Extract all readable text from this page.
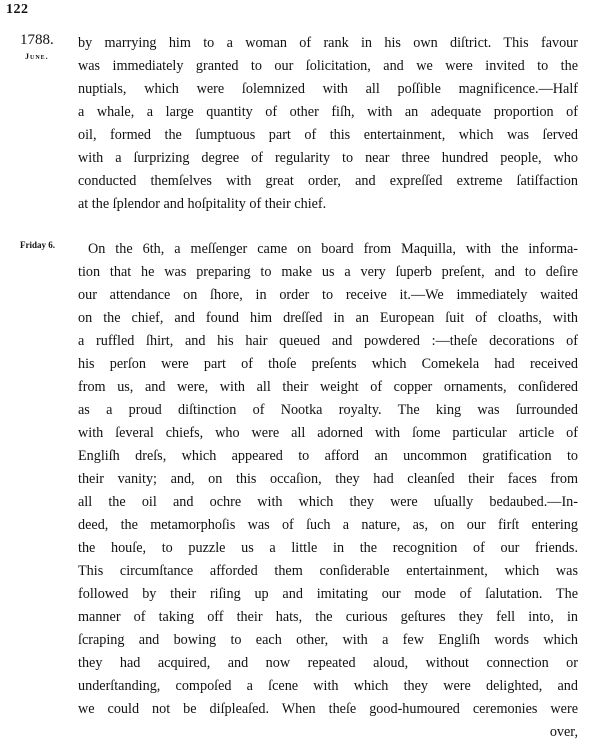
122
1788.
June.
Friday 6.
by marrying him to a woman of rank in his own diſtrict. This favour
was immediately granted to our ſolicitation, and we were invited to the
nuptials, which were ſolemnized with all poſſible magnificence.—Half
a whale, a large quantity of other fiſh, with an adequate proportion of
oil, formed the ſumptuous part of this entertainment, which was ſerved
with a ſurprizing degree of regularity to near three hundred people, who
conducted themſelves with great order, and expreſſed extreme ſatiſfaction
at the ſplendor and hoſpitality of their chief.
On the 6th, a meſſenger came on board from Maquilla, with the informa-
tion that he was preparing to make us a very ſuperb preſent, and to deſire
our attendance on ſhore, in order to receive it.—We immediately waited
on the chief, and found him dreſſed in an European ſuit of cloaths, with
a ruffled ſhirt, and his hair queued and powdered :—theſe decorations of
his perſon were part of thoſe preſents which Comekela had received
from us, and were, with all their weight of copper ornaments, conſidered
as a proud diſtinction of Nootka royalty. The king was ſurrounded
with ſeveral chiefs, who were all adorned with ſome particular article of
Engliſh dreſs, which appeared to afford an uncommon gratification to
their vanity; and, on this occaſion, they had cleanſed their faces from
all the oil and ochre with which they were uſually bedaubed.—In-
deed, the metamorphoſis was of ſuch a nature, as, on our firſt entering
the houſe, to puzzle us a little in the recognition of our friends.
This circumſtance afforded them conſiderable entertainment, which was
followed by their riſing up and imitating our mode of ſalutation. The
manner of taking off their hats, the curious geſtures they fell into, in
ſcraping and bowing to each other, with a few Engliſh words which
they had acquired, and now repeated aloud, without connection or
underſtanding, compoſed a ſcene with which they were delighted, and
we could not be diſpleaſed. When theſe good-humoured ceremonies were
over,
